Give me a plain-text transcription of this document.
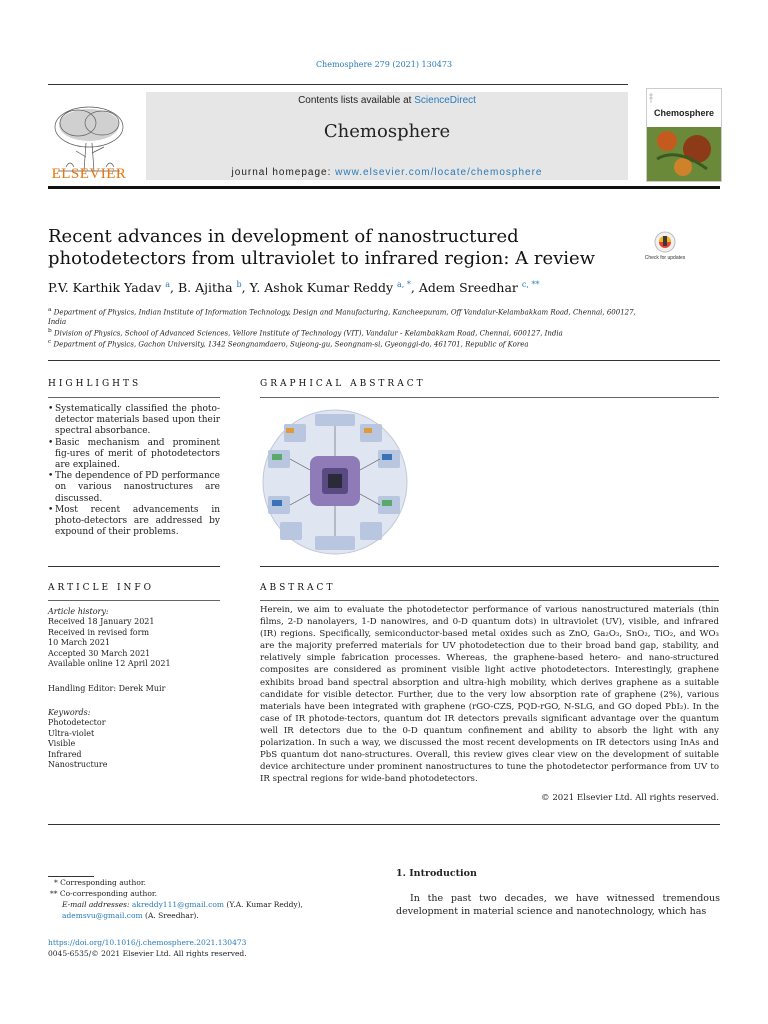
Chemosphere 279 (2021) 130473
ELSEVIER
Contents lists available at ScienceDirect
Chemosphere
journal homepage: www.elsevier.com/locate/chemosphere
Chemosphere
Recent advances in development of nanostructured photodetectors from ultraviolet to infrared region: A review	Check for updates
P.V. Karthik Yadav $^a$, B. Ajitha $^b$, Y. Ashok Kumar Reddy $^{a, *}$, Adem Sreedhar $^{c, **}$
$^a$ Department of Physics, Indian Institute of Information Technology, Design and Manufacturing, Kancheepuram, Off Vandalur-Kelambakkam Road, Chennai, 600127, India
$^b$ Division of Physics, School of Advanced Sciences, Vellore Institute of Technology (VIT), Vandalur - Kelambakkam Road, Chennai, 600127, India
$^c$ Department of Physics, Gachon University, 1342 Seongnamdaero, Sujeong-gu, Seongnam-si, Gyeonggi-do, 461701, Republic of Korea
HIGHLIGHTS
• Systematically classified the photo-detector materials based upon their spectral absorbance.
• Basic mechanism and prominent fig-ures of merit of photodetectors are explained.
• The dependence of PD performance on various nanostructures are discussed.
• Most recent advancements in photo-detectors are addressed by expound of their problems.
GRAPHICAL ABSTRACT
ARTICLE INFO
Article history:
Received 18 January 2021
Received in revised form
10 March 2021
Accepted 30 March 2021
Available online 12 April 2021
Handling Editor: Derek Muir
Keywords:
Photodetector
Ultra-violet
Visible
Infrared
Nanostructure
ABSTRACT
Herein, we aim to evaluate the photodetector performance of various nanostructured materials (thin films, 2-D nanolayers, 1-D nanowires, and 0-D quantum dots) in ultraviolet (UV), visible, and infrared (IR) regions. Specifically, semiconductor-based metal oxides such as ZnO, Ga₂O₃, SnO₂, TiO₂, and WO₃ are the majority preferred materials for UV photodetection due to their broad band gap, stability, and relatively simple fabrication processes. Whereas, the graphene-based hetero- and nano-structured composites are considered as prominent visible light active photodetectors. Interestingly, graphene exhibits broad band spectral absorption and ultra-high mobility, which derives graphene as a suitable candidate for visible detector. Further, due to the very low absorption rate of graphene (2%), various materials have been integrated with graphene (rGO-CZS, PQD-rGO, N-SLG, and GO doped PbI₂). In the case of IR photode-tectors, quantum dot IR detectors prevails significant advantage over the quantum well IR detectors due to the 0-D quantum confinement and ability to absorb the light with any polarization. In such a way, we discussed the most recent developments on IR detectors using InAs and PbS quantum dot nano-structures. Overall, this review gives clear view on the development of suitable device architecture under prominent nanostructures to tune the photodetector performance from UV to IR spectral regions for wide-band photodetectors.
© 2021 Elsevier Ltd. All rights reserved.
* Corresponding author.
** Co-corresponding author.
E-mail addresses: akreddy111@gmail.com (Y.A. Kumar Reddy), ademsvu@gmail.com (A. Sreedhar).
https://doi.org/10.1016/j.chemosphere.2021.130473
0045-6535/© 2021 Elsevier Ltd. All rights reserved.
1. Introduction
In the past two decades, we have witnessed tremendous development in material science and nanotechnology, which has
